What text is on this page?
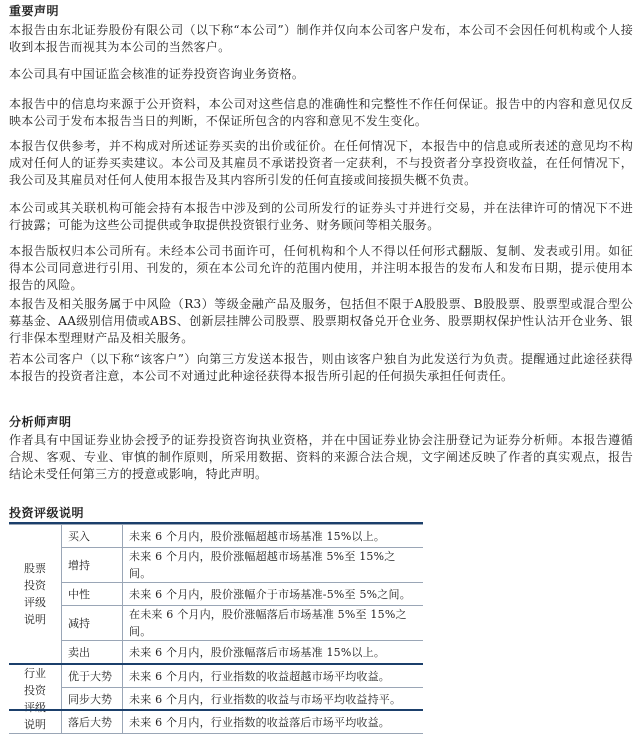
重要声明
本报告由东北证券股份有限公司（以下称“本公司”）制作并仅向本公司客户发布，本公司不会因任何机构或个人接收到本报告而视其为本公司的当然客户。
本公司具有中国证监会核准的证券投资咨询业务资格。
本报告中的信息均来源于公开资料，本公司对这些信息的准确性和完整性不作任何保证。报告中的内容和意见仅反映本公司于发布本报告当日的判断，不保证所包含的内容和意见不发生变化。
本报告仅供参考，并不构成对所述证券买卖的出价或征价。在任何情况下，本报告中的信息或所表述的意见均不构成对任何人的证券买卖建议。本公司及其雇员不承诺投资者一定获利，不与投资者分享投资收益，在任何情况下，我公司及其雇员对任何人使用本报告及其内容所引发的任何直接或间接损失概不负责。
本公司或其关联机构可能会持有本报告中涉及到的公司所发行的证券头寸并进行交易，并在法律许可的情况下不进行披露；可能为这些公司提供或争取提供投资银行业务、财务顾问等相关服务。
本报告版权归本公司所有。未经本公司书面许可，任何机构和个人不得以任何形式翻版、复制、发表或引用。如征得本公司同意进行引用、刊发的，须在本公司允许的范围内使用，并注明本报告的发布人和发布日期，提示使用本报告的风险。
本报告及相关服务属于中风险（R3）等级金融产品及服务，包括但不限于A股股票、B股股票、股票型或混合型公募基金、AA级别信用债或ABS、创新层挂牌公司股票、股票期权备兑开仓业务、股票期权保护性认沽开仓业务、银行非保本型理财产品及相关服务。
若本公司客户（以下称“该客户”）向第三方发送本报告，则由该客户独自为此发送行为负责。提醒通过此途径获得本报告的投资者注意，本公司不对通过此种途径获得本报告所引起的任何损失承担任何责任。
分析师声明
作者具有中国证券业协会授予的证券投资咨询执业资格，并在中国证券业协会注册登记为证券分析师。本报告遵循合规、客观、专业、审慎的制作原则，所采用数据、资料的来源合法合规，文字阐述反映了作者的真实观点，报告结论未受任何第三方的授意或影响，特此声明。
投资评级说明
股票
投资
评级
说明	买入	未来 6 个月内，股价涨幅超越市场基准 15%以上。
	增持	未来 6 个月内，股价涨幅超越市场基准 5%至 15%之间。
	中性	未来 6 个月内，股价涨幅介于市场基准-5%至 5%之间。
	减持	在未来 6 个月内，股价涨幅落后市场基准 5%至 15%之间。
	卖出	未来 6 个月内，股价涨幅落后市场基准 15%以上。
行业
投资
评级
说明	优于大势	未来 6 个月内，行业指数的收益超越市场平均收益。
	同步大势	未来 6 个月内，行业指数的收益与市场平均收益持平。
	落后大势	未来 6 个月内，行业指数的收益落后市场平均收益。
